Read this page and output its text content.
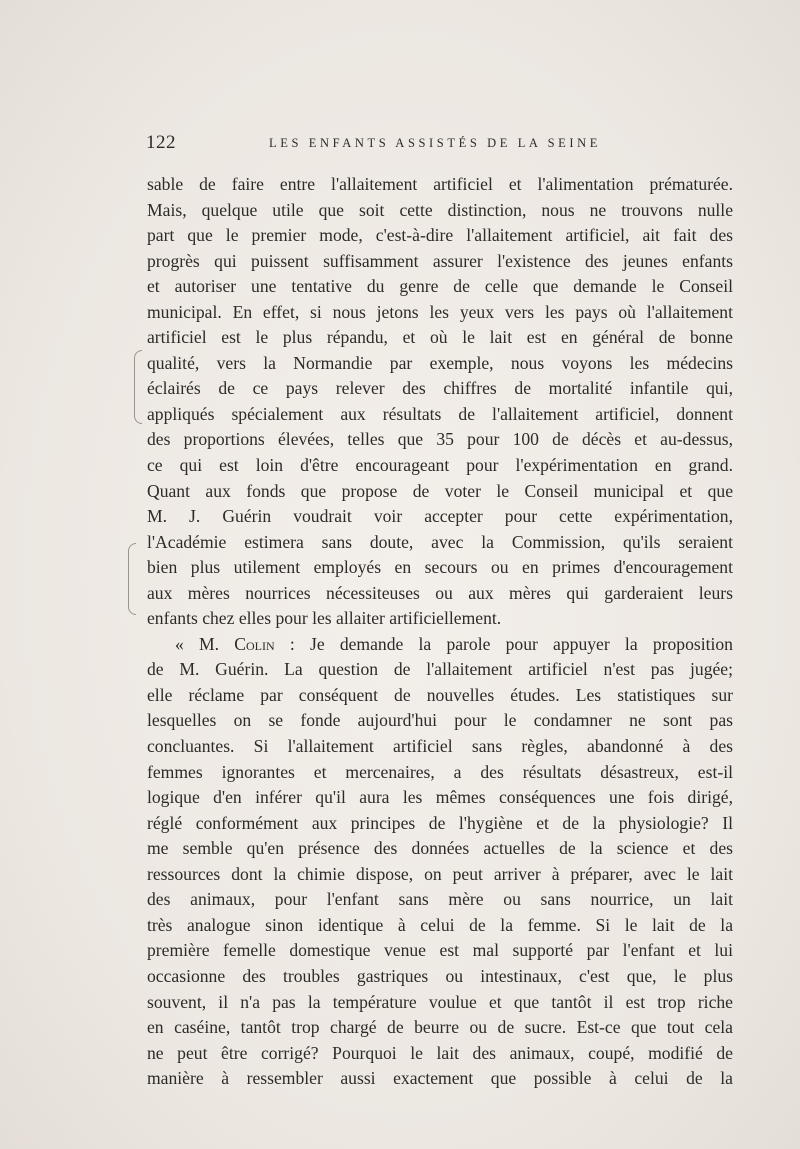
122	LES ENFANTS ASSISTÉS DE LA SEINE
sable de faire entre l'allaitement artificiel et l'alimentation prématurée.
Mais, quelque utile que soit cette distinction, nous ne trouvons nulle
part que le premier mode, c'est-à-dire l'allaitement artificiel, ait fait des
progrès qui puissent suffisamment assurer l'existence des jeunes enfants
et autoriser une tentative du genre de celle que demande le Conseil
municipal. En effet, si nous jetons les yeux vers les pays où l'allaitement
artificiel est le plus répandu, et où le lait est en général de bonne
qualité, vers la Normandie par exemple, nous voyons les médecins
éclairés de ce pays relever des chiffres de mortalité infantile qui,
appliqués spécialement aux résultats de l'allaitement artificiel, donnent
des proportions élevées, telles que 35 pour 100 de décès et au-dessus,
ce qui est loin d'être encourageant pour l'expérimentation en grand.
Quant aux fonds que propose de voter le Conseil municipal et que
M. J. Guérin voudrait voir accepter pour cette expérimentation,
l'Académie estimera sans doute, avec la Commission, qu'ils seraient
bien plus utilement employés en secours ou en primes d'encouragement
aux mères nourrices nécessiteuses ou aux mères qui garderaient leurs
enfants chez elles pour les allaiter artificiellement.
« M. Colin : Je demande la parole pour appuyer la proposition
de M. Guérin. La question de l'allaitement artificiel n'est pas jugée;
elle réclame par conséquent de nouvelles études. Les statistiques sur
lesquelles on se fonde aujourd'hui pour le condamner ne sont pas
concluantes. Si l'allaitement artificiel sans règles, abandonné à des
femmes ignorantes et mercenaires, a des résultats désastreux, est-il
logique d'en inférer qu'il aura les mêmes conséquences une fois dirigé,
réglé conformément aux principes de l'hygiène et de la physiologie? Il
me semble qu'en présence des données actuelles de la science et des
ressources dont la chimie dispose, on peut arriver à préparer, avec le lait
des animaux, pour l'enfant sans mère ou sans nourrice, un lait
très analogue sinon identique à celui de la femme. Si le lait de la
première femelle domestique venue est mal supporté par l'enfant et lui
occasionne des troubles gastriques ou intestinaux, c'est que, le plus
souvent, il n'a pas la température voulue et que tantôt il est trop riche
en caséine, tantôt trop chargé de beurre ou de sucre. Est-ce que tout cela
ne peut être corrigé? Pourquoi le lait des animaux, coupé, modifié de
manière à ressembler aussi exactement que possible à celui de la
